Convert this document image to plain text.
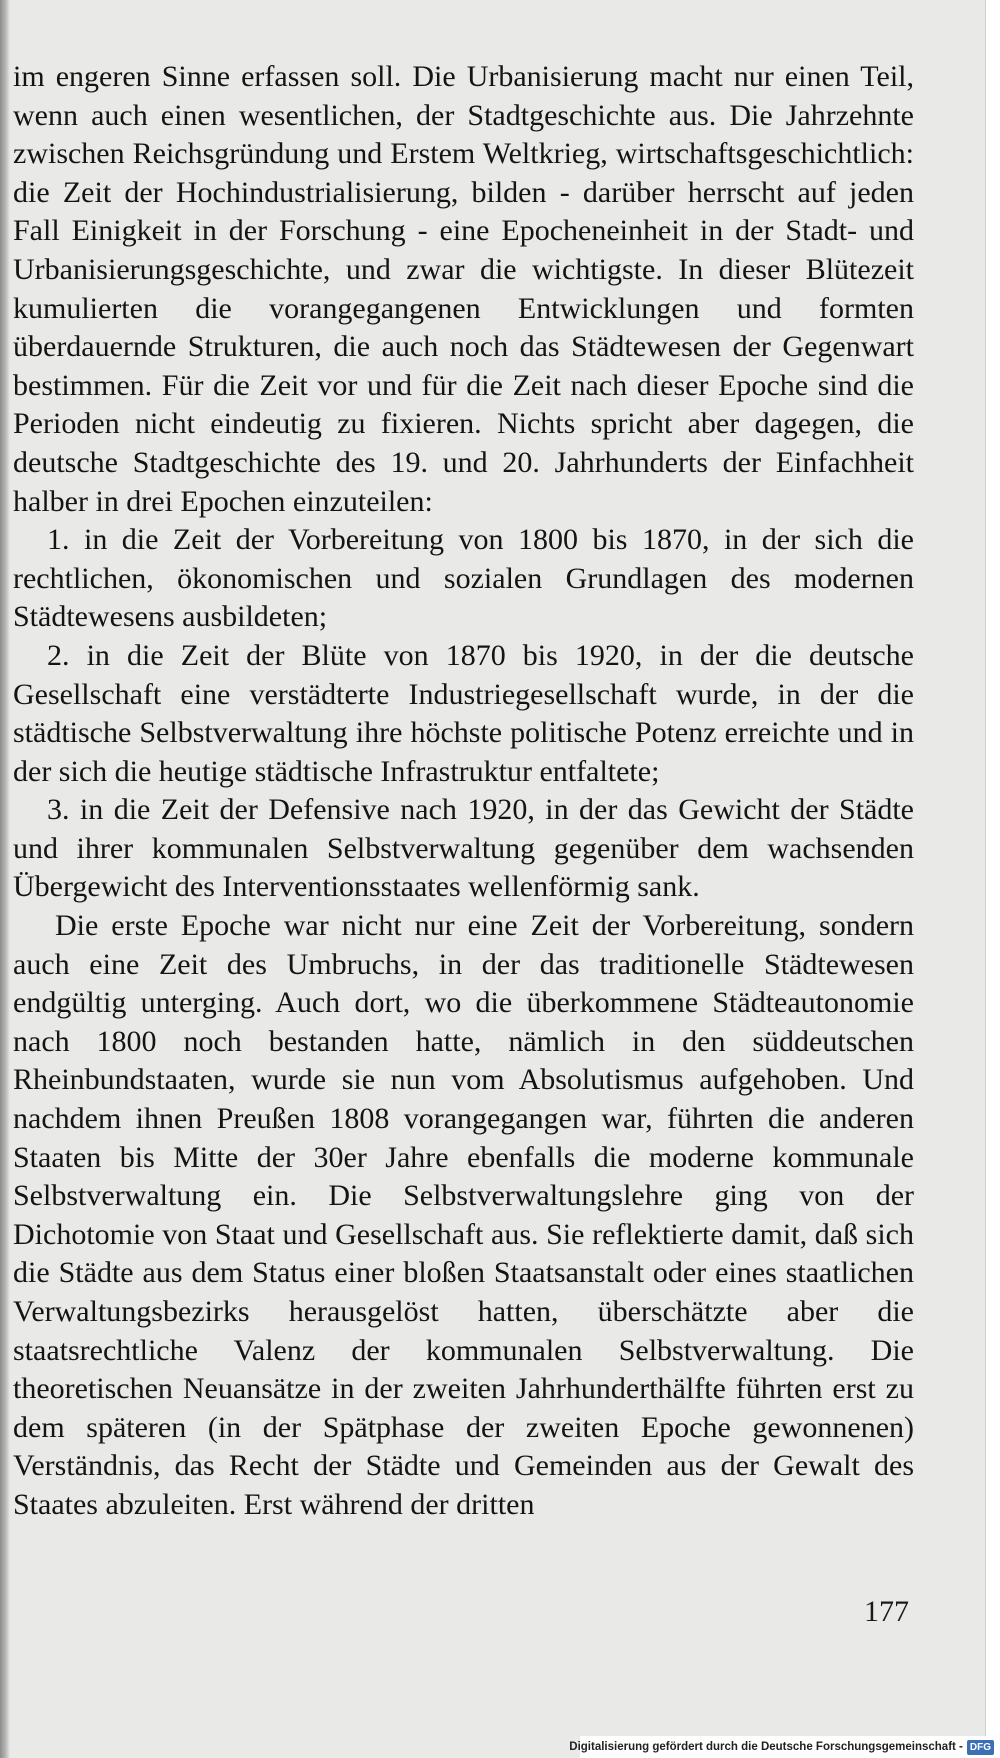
im engeren Sinne erfassen soll. Die Urbanisierung macht nur einen Teil, wenn auch einen wesentlichen, der Stadtgeschichte aus. Die Jahrzehnte zwischen Reichsgründung und Erstem Weltkrieg, wirtschaftsgeschichtlich: die Zeit der Hochindustrialisierung, bilden - darüber herrscht auf jeden Fall Einigkeit in der Forschung - eine Epocheneinheit in der Stadt- und Urbanisierungsgeschichte, und zwar die wichtigste. In dieser Blütezeit kumulierten die vorangegangenen Entwicklungen und formten überdauernde Strukturen, die auch noch das Städtewesen der Gegenwart bestimmen. Für die Zeit vor und für die Zeit nach dieser Epoche sind die Perioden nicht eindeutig zu fixieren. Nichts spricht aber dagegen, die deutsche Stadtgeschichte des 19. und 20. Jahrhunderts der Einfachheit halber in drei Epochen einzuteilen:

1. in die Zeit der Vorbereitung von 1800 bis 1870, in der sich die rechtlichen, ökonomischen und sozialen Grundlagen des modernen Städtewesens ausbildeten;

2. in die Zeit der Blüte von 1870 bis 1920, in der die deutsche Gesellschaft eine verstädterte Industriegesellschaft wurde, in der die städtische Selbstverwaltung ihre höchste politische Potenz erreichte und in der sich die heutige städtische Infrastruktur entfaltete;

3. in die Zeit der Defensive nach 1920, in der das Gewicht der Städte und ihrer kommunalen Selbstverwaltung gegenüber dem wachsenden Übergewicht des Interventionsstaates wellenförmig sank.

Die erste Epoche war nicht nur eine Zeit der Vorbereitung, sondern auch eine Zeit des Umbruchs, in der das traditionelle Städtewesen endgültig unterging. Auch dort, wo die überkommene Städteautonomie nach 1800 noch bestanden hatte, nämlich in den süddeutschen Rheinbundstaaten, wurde sie nun vom Absolutismus aufgehoben. Und nachdem ihnen Preußen 1808 vorangegangen war, führten die anderen Staaten bis Mitte der 30er Jahre ebenfalls die moderne kommunale Selbstverwaltung ein. Die Selbstverwaltungslehre ging von der Dichotomie von Staat und Gesellschaft aus. Sie reflektierte damit, daß sich die Städte aus dem Status einer bloßen Staatsanstalt oder eines staatlichen Verwaltungsbezirks herausgelöst hatten, überschätzte aber die staatsrechtliche Valenz der kommunalen Selbstverwaltung. Die theoretischen Neuansätze in der zweiten Jahrhunderthälfte führten erst zu dem späteren (in der Spätphase der zweiten Epoche gewonnenen) Verständnis, das Recht der Städte und Gemeinden aus der Gewalt des Staates abzuleiten. Erst während der dritten

177
Digitalisierung gefördert durch die Deutsche Forschungsgemeinschaft - DFG
